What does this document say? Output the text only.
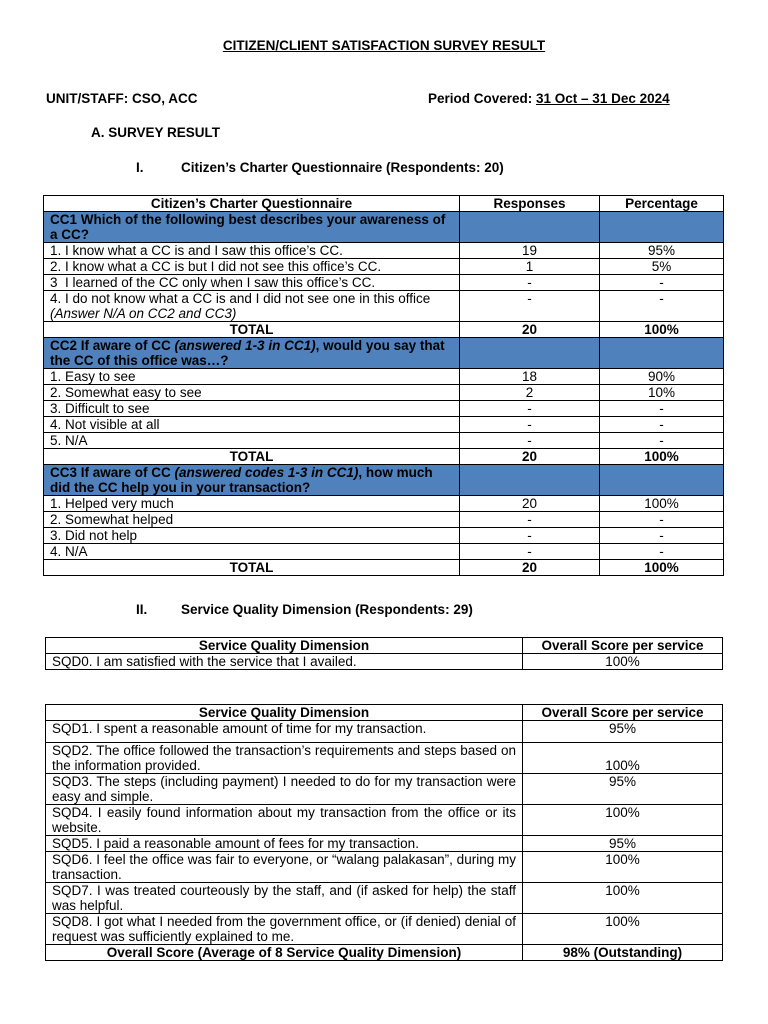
CITIZEN/CLIENT SATISFACTION SURVEY RESULT
UNIT/STAFF: CSO, ACC	Period Covered: 31 Oct – 31 Dec 2024
A. SURVEY RESULT
I.	Citizen’s Charter Questionnaire (Respondents: 20)
Citizen’s Charter Questionnaire	Responses	Percentage
CC1 Which of the following best describes your awareness of a CC?		
1. I know what a CC is and I saw this office’s CC.	19	95%
2. I know what a CC is but I did not see this office’s CC.	1	5%
3  I learned of the CC only when I saw this office’s CC.	-	-
4. I do not know what a CC is and I did not see one in this office (Answer N/A on CC2 and CC3)	-	-
TOTAL	20	100%
CC2 If aware of CC (answered 1-3 in CC1), would you say that the CC of this office was…?		
1. Easy to see	18	90%
2. Somewhat easy to see	2	10%
3. Difficult to see	-	-
4. Not visible at all	-	-
5. N/A	-	-
TOTAL	20	100%
CC3 If aware of CC (answered codes 1-3 in CC1), how much did the CC help you in your transaction?		
1. Helped very much	20	100%
2. Somewhat helped	-	-
3. Did not help	-	-
4. N/A	-	-
TOTAL	20	100%
II. Service Quality Dimension (Respondents: 29)
Service Quality Dimension	Overall Score per service
SQD0. I am satisfied with the service that I availed.	100%
Service Quality Dimension	Overall Score per service
SQD1. I spent a reasonable amount of time for my transaction.	95%
SQD2. The office followed the transaction’s requirements and steps based on the information provided.	100%
SQD3. The steps (including payment) I needed to do for my transaction were easy and simple.	95%
SQD4. I easily found information about my transaction from the office or its website.	100%
SQD5. I paid a reasonable amount of fees for my transaction.	95%
SQD6. I feel the office was fair to everyone, or “walang palakasan”, during my transaction.	100%
SQD7. I was treated courteously by the staff, and (if asked for help) the staff was helpful.	100%
SQD8. I got what I needed from the government office, or (if denied) denial of request was sufficiently explained to me.	100%
Overall Score (Average of 8 Service Quality Dimension)	98% (Outstanding)
